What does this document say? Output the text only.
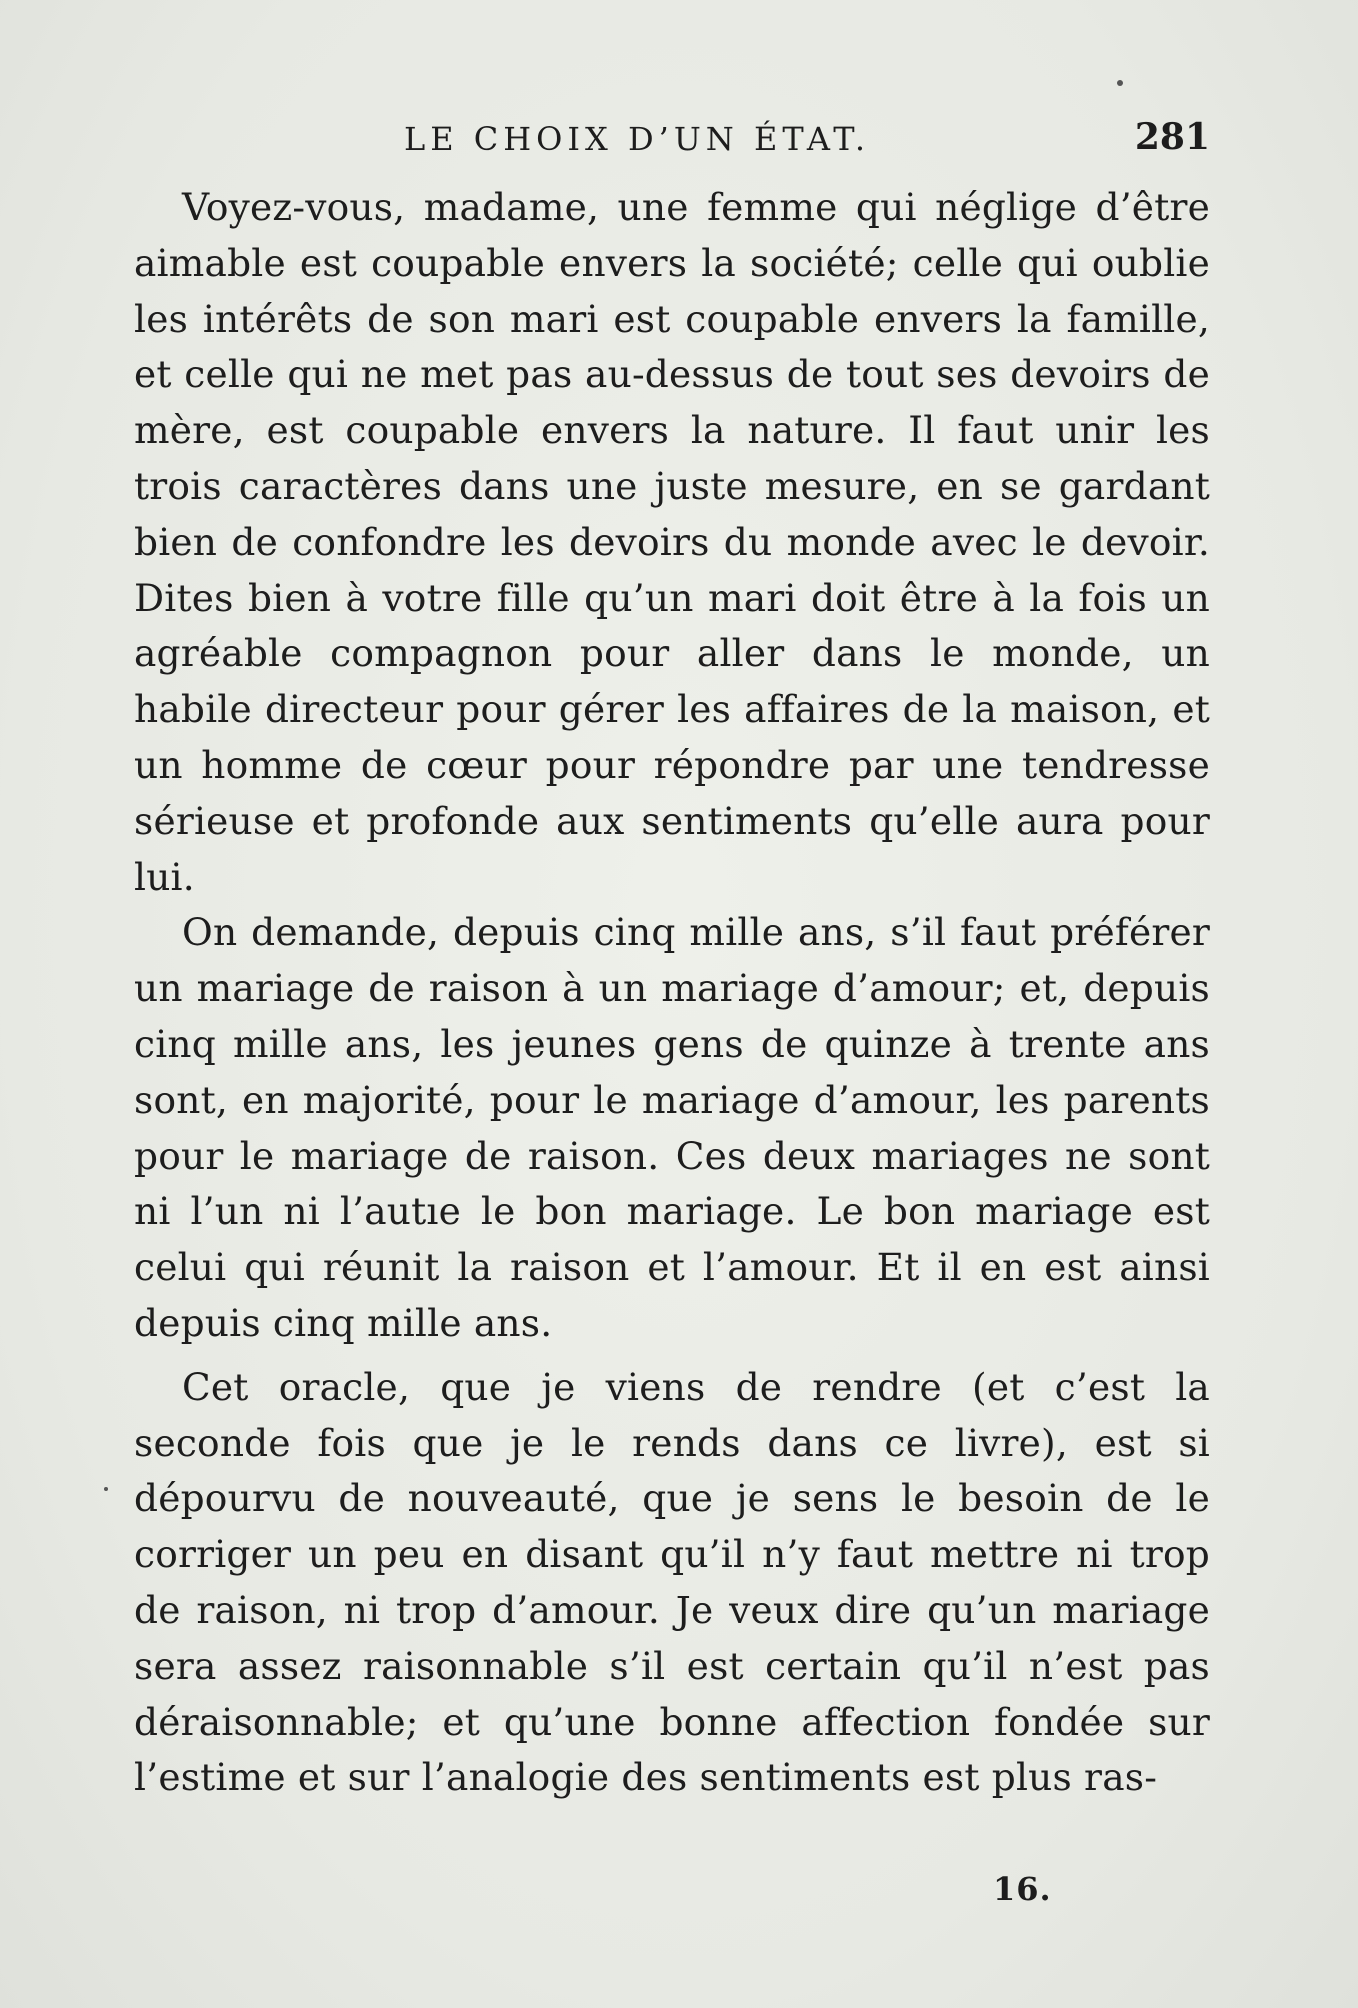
LE CHOIX D’UN ÉTAT.	281

Voyez-vous, madame, une femme qui néglige d’être aimable est coupable envers la société; celle qui oublie les intérêts de son mari est coupable envers la famille, et celle qui ne met pas au-dessus de tout ses devoirs de mère, est coupable envers la nature. Il faut unir les trois caractères dans une juste mesure, en se gardant bien de confondre les devoirs du monde avec le devoir. Dites bien à votre fille qu’un mari doit être à la fois un agréable compagnon pour aller dans le monde, un habile directeur pour gérer les affaires de la maison, et un homme de cœur pour répondre par une tendresse sérieuse et profonde aux sentiments qu’elle aura pour lui.

On demande, depuis cinq mille ans, s’il faut préférer un mariage de raison à un mariage d’amour; et, depuis cinq mille ans, les jeunes gens de quinze à trente ans sont, en majorité, pour le mariage d’amour, les parents pour le mariage de raison. Ces deux mariages ne sont ni l’un ni l’autıe le bon mariage. Le bon mariage est celui qui réunit la raison et l’amour. Et il en est ainsi depuis cinq mille ans.

Cet oracle, que je viens de rendre (et c’est la seconde fois que je le rends dans ce livre), est si dépourvu de nouveauté, que je sens le besoin de le corriger un peu en disant qu’il n’y faut mettre ni trop de raison, ni trop d’amour. Je veux dire qu’un mariage sera assez raisonnable s’il est certain qu’il n’est pas déraisonnable; et qu’une bonne affection fondée sur l’estime et sur l’analogie des sentiments est plus ras-

16.
